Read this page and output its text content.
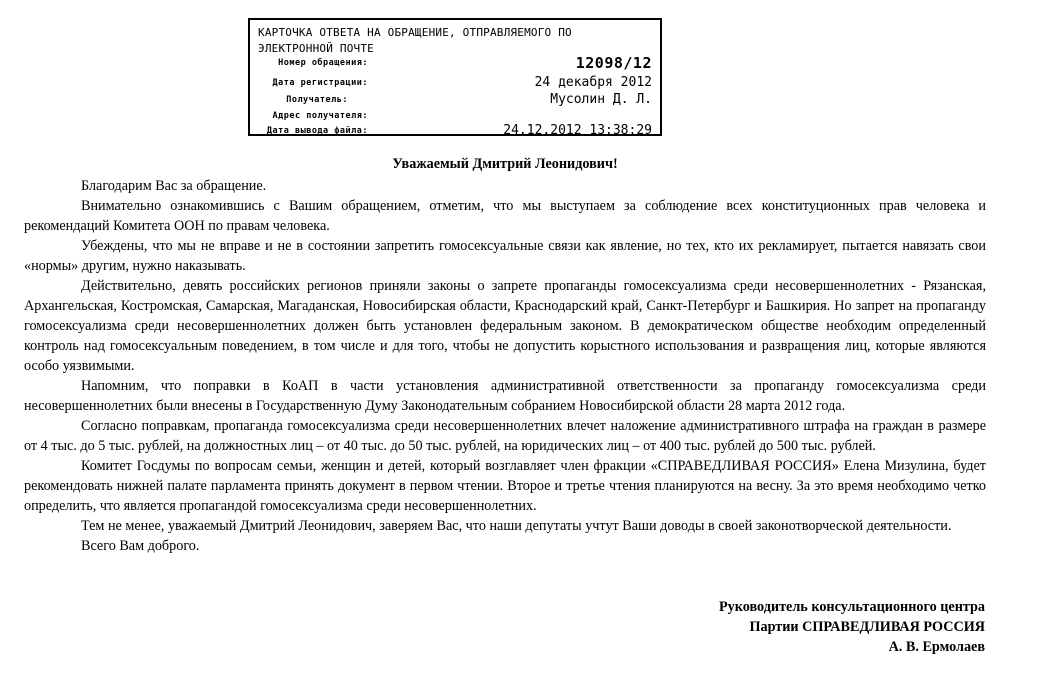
КАРТОЧКА ОТВЕТА НА ОБРАЩЕНИЕ, ОТПРАВЛЯЕМОГО ПО ЭЛЕКТРОННОЙ ПОЧТЕ
Номер обращения:	12098/12
Дата регистрации:	24 декабря 2012
Получатель:	Мусолин Д. Л.
Адрес получателя:
Дата вывода файла:	24.12.2012 13:38:29
Уважаемый Дмитрий Леонидович!

Благодарим Вас за обращение.

Внимательно ознакомившись с Вашим обращением, отметим, что мы выступаем за соблюдение всех конституционных прав человека и рекомендаций Комитета ООН по правам человека.

Убеждены, что мы не вправе и не в состоянии запретить гомосексуальные связи как явление, но тех, кто их рекламирует, пытается навязать свои «нормы» другим, нужно наказывать.

Действительно, девять российских регионов приняли законы о запрете пропаганды гомосексуализма среди несовершеннолетних - Рязанская, Архангельская, Костромская, Самарская, Магаданская, Новосибирская области, Краснодарский край, Санкт-Петербург и Башкирия. Но запрет на пропаганду гомосексуализма среди несовершеннолетних должен быть установлен федеральным законом. В демократическом обществе необходим определенный контроль над гомосексуальным поведением, в том числе и для того, чтобы не допустить корыстного использования и развращения лиц, которые являются особо уязвимыми.

Напомним, что поправки в КоАП в части установления административной ответственности за пропаганду гомосексуализма среди несовершеннолетних были внесены в Государственную Думу Законодательным собранием Новосибирской области 28 марта 2012 года.

Согласно поправкам, пропаганда гомосексуализма среди несовершеннолетних влечет наложение административного штрафа на граждан в размере от 4 тыс. до 5 тыс. рублей, на должностных лиц – от 40 тыс. до 50 тыс. рублей, на юридических лиц – от 400 тыс. рублей до 500 тыс. рублей.

Комитет Госдумы по вопросам семьи, женщин и детей, который возглавляет член фракции «СПРАВЕДЛИВАЯ РОССИЯ» Елена Мизулина, будет рекомендовать нижней палате парламента принять документ в первом чтении. Второе и третье чтения планируются на весну. За это время необходимо четко определить, что является пропагандой гомосексуализма среди несовершеннолетних.

Тем не менее, уважаемый Дмитрий Леонидович, заверяем Вас, что наши депутаты учтут Ваши доводы в своей законотворческой деятельности.

Всего Вам доброго.

Руководитель консультационного центра
Партии СПРАВЕДЛИВАЯ РОССИЯ
А. В. Ермолаев
